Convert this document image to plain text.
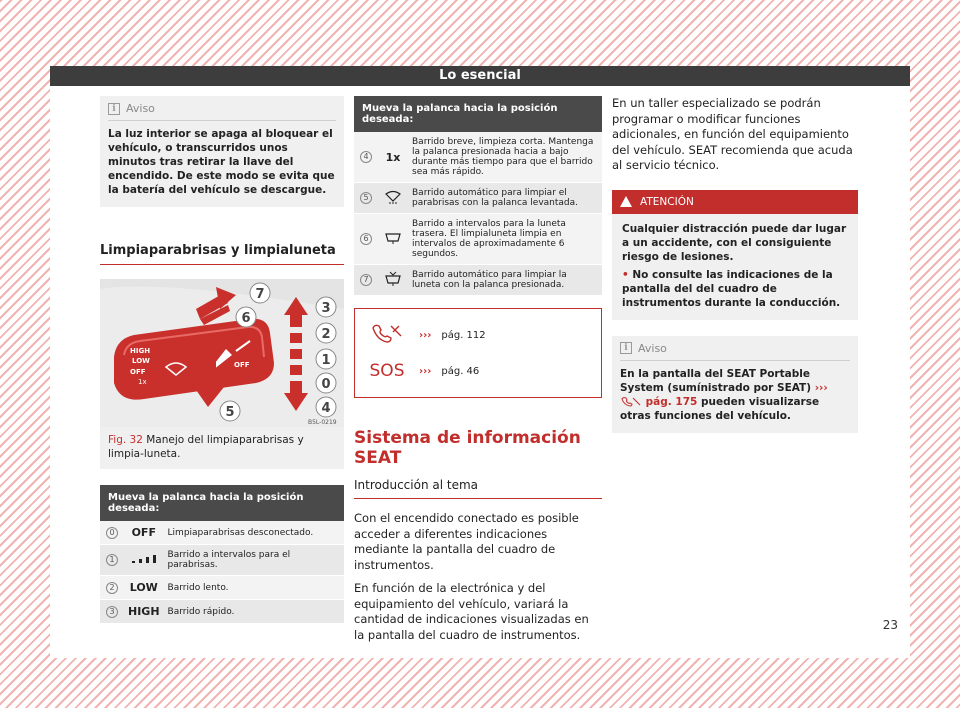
Lo esencial
i Aviso
La luz interior se apaga al bloquear el vehículo, o transcurridos unos minutos tras retirar la llave del encendido. De este modo se evita que la batería del vehículo se descargue.
Limpiaparabrisas y limpialuneta
HIGH
LOW
OFF
1x
OFF
7
6
3
2
1
0
4
5
B5L-0219
Fig. 32 Manejo del limpiaparabrisas y limpia-luneta.
Mueva la palanca hacia la posición deseada:		
0	OFF	Limpiaparabrisas desconectado.
1		Barrido a intervalos para el parabrisas.
2	LOW	Barrido lento.
3	HIGH	Barrido rápido.
Mueva la palanca hacia la posición deseada:		
4	1x	Barrido breve, limpieza corta. Mantenga la palanca presionada hacia a bajo durante más tiempo para que el barrido sea más rápido.
5		Barrido automático para limpiar el parabrisas con la palanca levantada.
6		Barrido a intervalos para la luneta trasera. El limpialuneta limpia en intervalos de aproximadamente 6 segundos.
7		Barrido automático para limpiar la luneta con la palanca presionada.
››› pág. 112
SOS	››› pág. 46
Sistema de información SEAT
Introducción al tema

Con el encendido conectado es posible acceder a diferentes indicaciones mediante la pantalla del cuadro de instrumentos.

En función de la electrónica y del equipamiento del vehículo, variará la cantidad de indicaciones visualizadas en la pantalla del cuadro de instrumentos.

En un taller especializado se podrán programar o modificar funciones adicionales, en función del equipamiento del vehículo. SEAT recomienda que acuda al servicio técnico.

ATENCIÓN
Cualquier distracción puede dar lugar a un accidente, con el consiguiente riesgo de lesiones.
• No consulte las indicaciones de la pantalla del del cuadro de instrumentos durante la conducción.
i Aviso
En la pantalla del SEAT Portable System (sumínistrado por SEAT) ›››  pág. 175 pueden visualizarse otras funciones del vehículo.
23
